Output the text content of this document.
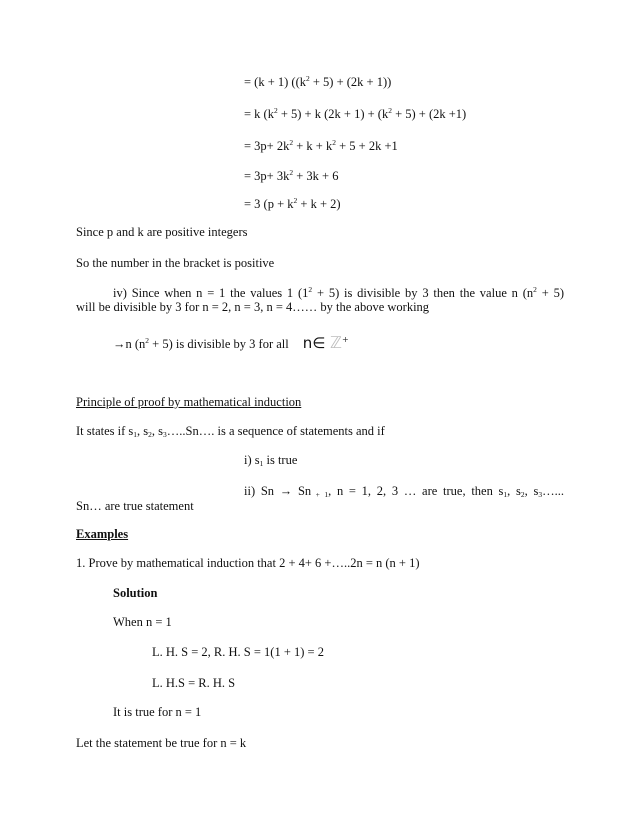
= (k + 1) $((k^2 + 5) + (2k + 1))$
= k $(k^2 + 5) + k$ $(2k + 1) + (k^2 + 5) + (2k +1)$
= $3p+ 2k^2 + k + k^2 + 5 + 2k +1$
= $3p+ 3k^2 + 3k + 6$
= 3 $(p + k^2 + k + 2)$
Since p and k are positive integers
So the number in the bracket is positive
iv) Since when n = 1 the values 1 $(1^2 + 5)$ is divisible by 3 then the value n $(n^2 + 5)$
will be divisible by 3 for n = 2, n = 3, n = 4…… by the above working
→n $(n^2 + 5)$ is divisible by 3 for all n∈ ℤ+
Principle of proof by mathematical induction
It states if $s_1$, $s_2$, $s_3\dots..Sn\dots$. is a sequence of statements and if
i) $s_1$ is true
ii) Sn → Sn $_{+ 1}$, n = 1, 2, 3 … are true, then $s_1$, $s_2$, $s_3\dots$...
Sn… are true statement
Examples
1. Prove by mathematical induction that 2 + 4+ 6 +…..2n = n (n + 1)
Solution
When n = 1
L. H. S = 2, R. H. S = 1(1 + 1) = 2
L. H.S = R. H. S
It is true for n = 1
Let the statement be true for n = k
